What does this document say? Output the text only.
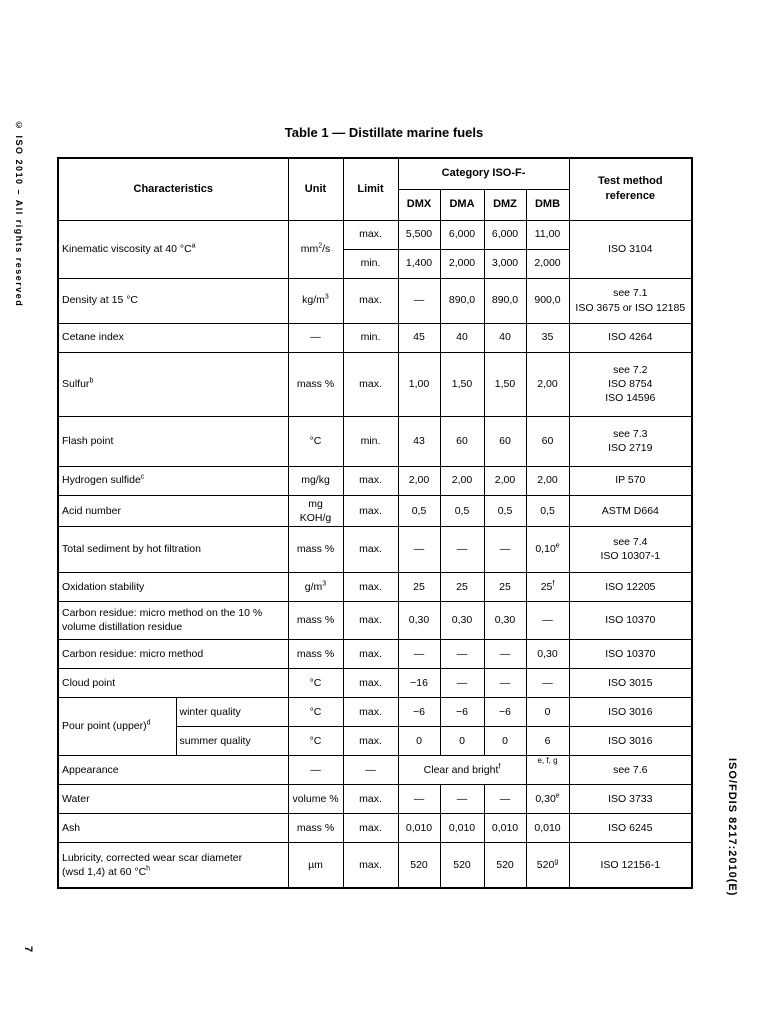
© ISO 2010 – All rights reserved
ISO/FDIS 8217:2010(E)
7
Table 1 — Distillate marine fuels
Characteristics		Unit	Limit	Category ISO-F-				Test method reference
				DMX	DMA	DMZ	DMB	
Kinematic viscosity at 40 $^\circ C^a$		$mm^2/s$	max.	5,500	6,000	6,000	11,00	ISO 3104
			min.	1,400	2,000	3,000	2,000	
Density at 15 °C		$kg/m^3$	max.	—	890,0	890,0	900,0	see 7.1
ISO 3675 or ISO 12185

Cetane index		—	min.	45	40	40	35	ISO 4264
Sulfur$^b$		mass %	max.	1,00	1,50	1,50	2,00	see 7.2
ISO 8754
ISO 14596

Flash point		°C	min.	43	60	60	60	see 7.3
ISO 2719

Hydrogen sulfide$^c$		mg/kg	max.	2,00	2,00	2,00	2,00	IP 570
Acid number		mg KOH/g	max.	0,5	0,5	0,5	0,5	ASTM D664
Total sediment by hot filtration		mass %	max.	—	—	—	0,10e	see 7.4
ISO 10307-1

Oxidation stability		$g/m^3$	max.	25	25	25	25$^f$	ISO 12205
Carbon residue: micro method on the 10 % volume distillation residue		mass %	max.	0,30	0,30	0,30	—	ISO 10370
Carbon residue: micro method		mass %	max.	—	—	—	0,30	ISO 10370
Cloud point		°C	max.	−16	—	—	—	ISO 3015
Pour point (upper)$^d$	winter quality	°C	max.	−6	−6	−6	0	ISO 3016
	summer quality	°C	max.	0	0	0	6	ISO 3016
Appearance		—	—	Clear and bright$^f$			$^{e, f, g}$	see 7.6
Water		volume %	max.	—	—	—	0,30e	ISO 3733
Ash		mass %	max.	0,010	0,010	0,010	0,010	ISO 6245

Lubricity, corrected wear scar diameter
(wsd 1,4) at 60 $^\circ C^h$		µm	max.	520	520	520	520$^g$	ISO 12156-1
